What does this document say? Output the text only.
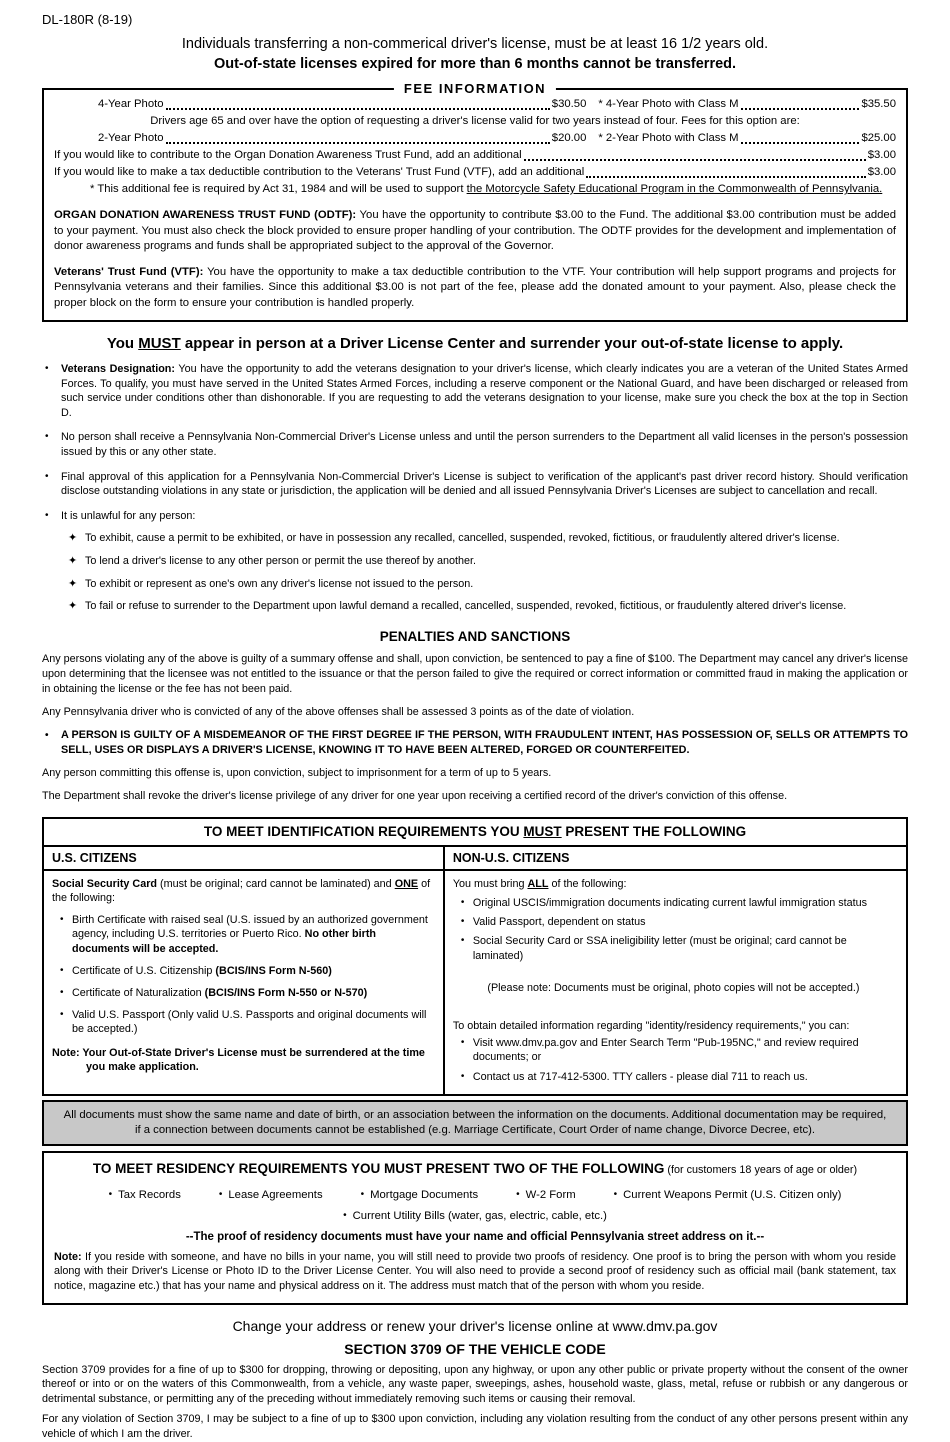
DL-180R (8-19)
Individuals transferring a non-commerical driver's license, must be at least 16 1/2 years old.
Out-of-state licenses expired for more than 6 months cannot be transferred.
FEE INFORMATION
4-Year Photo	$30.50 * 4-Year Photo with Class M	$35.50
Drivers age 65 and over have the option of requesting a driver's license valid for two years instead of four. Fees for this option are:
2-Year Photo	$20.00 * 2-Year Photo with Class M	$25.00
If you would like to contribute to the Organ Donation Awareness Trust Fund, add an additional	$3.00
If you would like to make a tax deductible contribution to the Veterans' Trust Fund (VTF), add an additional	$3.00
* This additional fee is required by Act 31, 1984 and will be used to support the Motorcycle Safety Educational Program in the Commonwealth of Pennsylvania.
ORGAN DONATION AWARENESS TRUST FUND (ODTF): You have the opportunity to contribute $3.00 to the Fund. The additional $3.00 contribution must be added to your payment. You must also check the block provided to ensure proper handling of your contribution. The ODTF provides for the development and implementation of donor awareness programs and funds shall be appropriated subject to the approval of the Governor.
Veterans' Trust Fund (VTF): You have the opportunity to make a tax deductible contribution to the VTF. Your contribution will help support programs and projects for Pennsylvania veterans and their families. Since this additional $3.00 is not part of the fee, please add the donated amount to your payment. Also, please check the proper block on the form to ensure your contribution is handled properly.
You MUST appear in person at a Driver License Center and surrender your out-of-state license to apply.
•	Veterans Designation: You have the opportunity to add the veterans designation to your driver's license, which clearly indicates you are a veteran of the United States Armed Forces. To qualify, you must have served in the United States Armed Forces, including a reserve component or the National Guard, and have been discharged or released from such service under conditions other than dishonorable. If you are requesting to add the veterans designation to your license, make sure you check the box at the top in Section D.
•	No person shall receive a Pennsylvania Non-Commercial Driver's License unless and until the person surrenders to the Department all valid licenses in the person's possession issued by this or any other state.
•	Final approval of this application for a Pennsylvania Non-Commercial Driver's License is subject to verification of the applicant's past driver record history. Should verification disclose outstanding violations in any state or jurisdiction, the application will be denied and all issued Pennsylvania Driver's Licenses are subject to cancellation and recall.
•	It is unlawful for any person:
✦ To exhibit, cause a permit to be exhibited, or have in possession any recalled, cancelled, suspended, revoked, fictitious, or fraudulently altered driver's license.
✦ To lend a driver's license to any other person or permit the use thereof by another.
✦ To exhibit or represent as one's own any driver's license not issued to the person.
✦ To fail or refuse to surrender to the Department upon lawful demand a recalled, cancelled, suspended, revoked, fictitious, or fraudulently altered driver's license.
PENALTIES AND SANCTIONS
Any persons violating any of the above is guilty of a summary offense and shall, upon conviction, be sentenced to pay a fine of $100. The Department may cancel any driver's license upon determining that the licensee was not entitled to the issuance or that the person failed to give the required or correct information or committed fraud in making the application or in obtaining the license or the fee has not been paid.
Any Pennsylvania driver who is convicted of any of the above offenses shall be assessed 3 points as of the date of violation.
•	A PERSON IS GUILTY OF A MISDEMEANOR OF THE FIRST DEGREE IF THE PERSON, WITH FRAUDULENT INTENT, HAS POSSESSION OF, SELLS OR ATTEMPTS TO SELL, USES OR DISPLAYS A DRIVER'S LICENSE, KNOWING IT TO HAVE BEEN ALTERED, FORGED OR COUNTERFEITED.
Any person committing this offense is, upon conviction, subject to imprisonment for a term of up to 5 years.
The Department shall revoke the driver's license privilege of any driver for one year upon receiving a certified record of the driver's conviction of this offense.
TO MEET IDENTIFICATION REQUIREMENTS YOU MUST PRESENT THE FOLLOWING
U.S. CITIZENS	NON-U.S. CITIZENS
Social Security Card (must be original; card cannot be laminated) and ONE of the following:
• Birth Certificate with raised seal (U.S. issued by an authorized government agency, including U.S. territories or Puerto Rico. No other birth documents will be accepted.
• Certificate of U.S. Citizenship (BCIS/INS Form N-560)
• Certificate of Naturalization (BCIS/INS Form N-550 or N-570)
• Valid U.S. Passport (Only valid U.S. Passports and original documents will be accepted.)
Note: Your Out-of-State Driver's License must be surrendered at the time you make application.
You must bring ALL of the following:
• Original USCIS/immigration documents indicating current lawful immigration status
• Valid Passport, dependent on status
• Social Security Card or SSA ineligibility letter (must be original; card cannot be laminated)
(Please note: Documents must be original, photo copies will not be accepted.)
To obtain detailed information regarding "identity/residency requirements," you can:
• Visit www.dmv.pa.gov and Enter Search Term "Pub-195NC," and review required documents; or
• Contact us at 717-412-5300. TTY callers - please dial 711 to reach us.
All documents must show the same name and date of birth, or an association between the information on the documents. Additional documentation may be required, if a connection between documents cannot be established (e.g. Marriage Certificate, Court Order of name change, Divorce Decree, etc).
TO MEET RESIDENCY REQUIREMENTS YOU MUST PRESENT TWO OF THE FOLLOWING (for customers 18 years of age or older)
• Tax Records	• Lease Agreements	• Mortgage Documents	• W-2 Form	• Current Weapons Permit (U.S. Citizen only)
• Current Utility Bills (water, gas, electric, cable, etc.)
--The proof of residency documents must have your name and official Pennsylvania street address on it.--
Note: If you reside with someone, and have no bills in your name, you will still need to provide two proofs of residency. One proof is to bring the person with whom you reside along with their Driver's License or Photo ID to the Driver License Center. You will also need to provide a second proof of residency such as official mail (bank statement, tax notice, magazine etc.) that has your name and physical address on it. The address must match that of the person with whom you reside.
Change your address or renew your driver's license online at www.dmv.pa.gov
SECTION 3709 OF THE VEHICLE CODE
Section 3709 provides for a fine of up to $300 for dropping, throwing or depositing, upon any highway, or upon any other public or private property without the consent of the owner thereof or into or on the waters of this Commonwealth, from a vehicle, any waste paper, sweepings, ashes, household waste, glass, metal, refuse or rubbish or any dangerous or detrimental substance, or permitting any of the preceding without immediately removing such items or causing their removal.
For any violation of Section 3709, I may be subject to a fine of up to $300 upon conviction, including any violation resulting from the conduct of any other persons present within any vehicle of which I am the driver.
